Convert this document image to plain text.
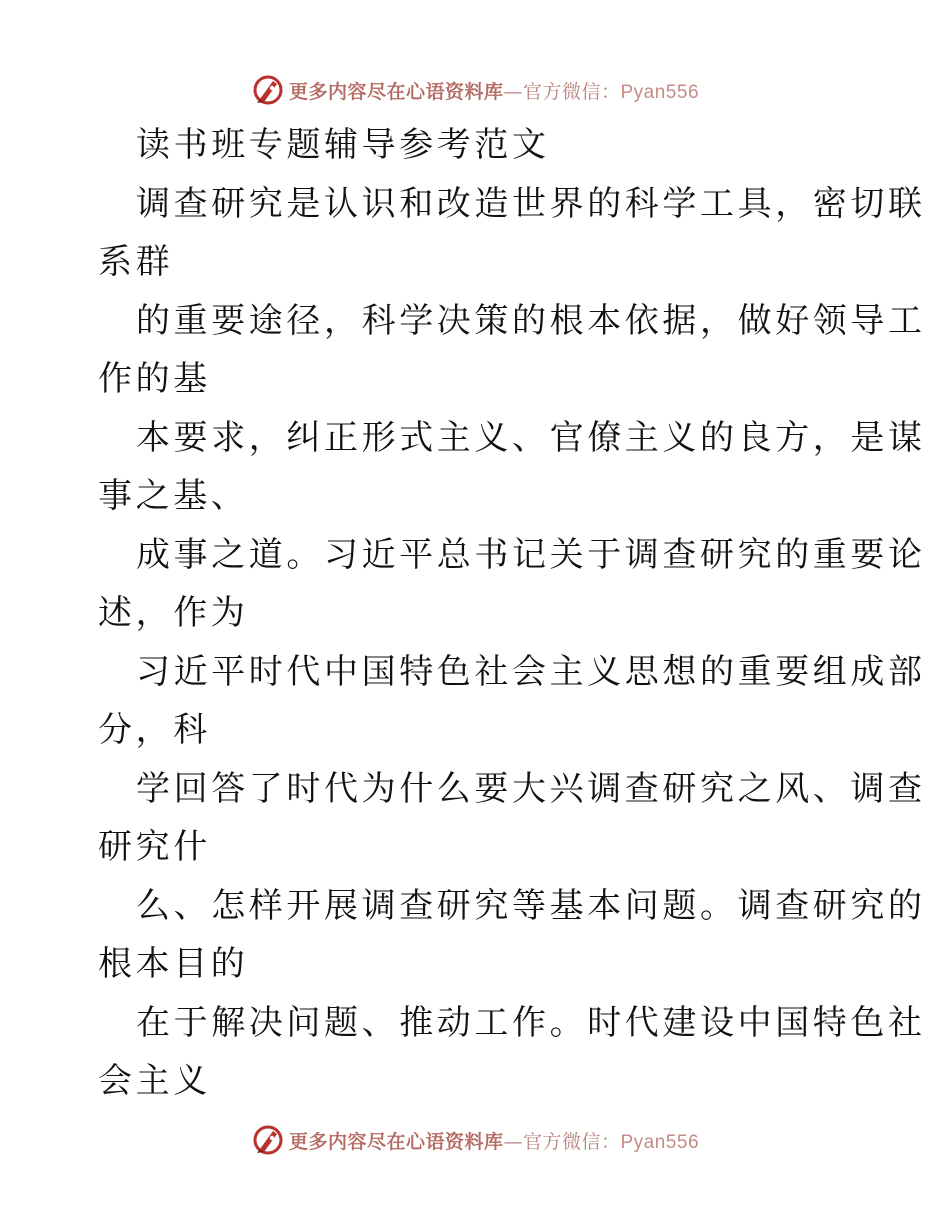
更多内容尽在心语资料库—官方微信：Pyan556
读书班专题辅导参考范文
调查研究是认识和改造世界的科学工具，密切联
系群
的重要途径，科学决策的根本依据，做好领导工
作的基
本要求，纠正形式主义、官僚主义的良方，是谋
事之基、
成事之道。习近平总书记关于调查研究的重要论
述，作为
习近平时代中国特色社会主义思想的重要组成部
分，科
学回答了时代为什么要大兴调查研究之风、调查
研究什
么、怎样开展调查研究等基本问题。调查研究的
根本目的
在于解决问题、推动工作。时代建设中国特色社
会主义
更多内容尽在心语资料库—官方微信：Pyan556
